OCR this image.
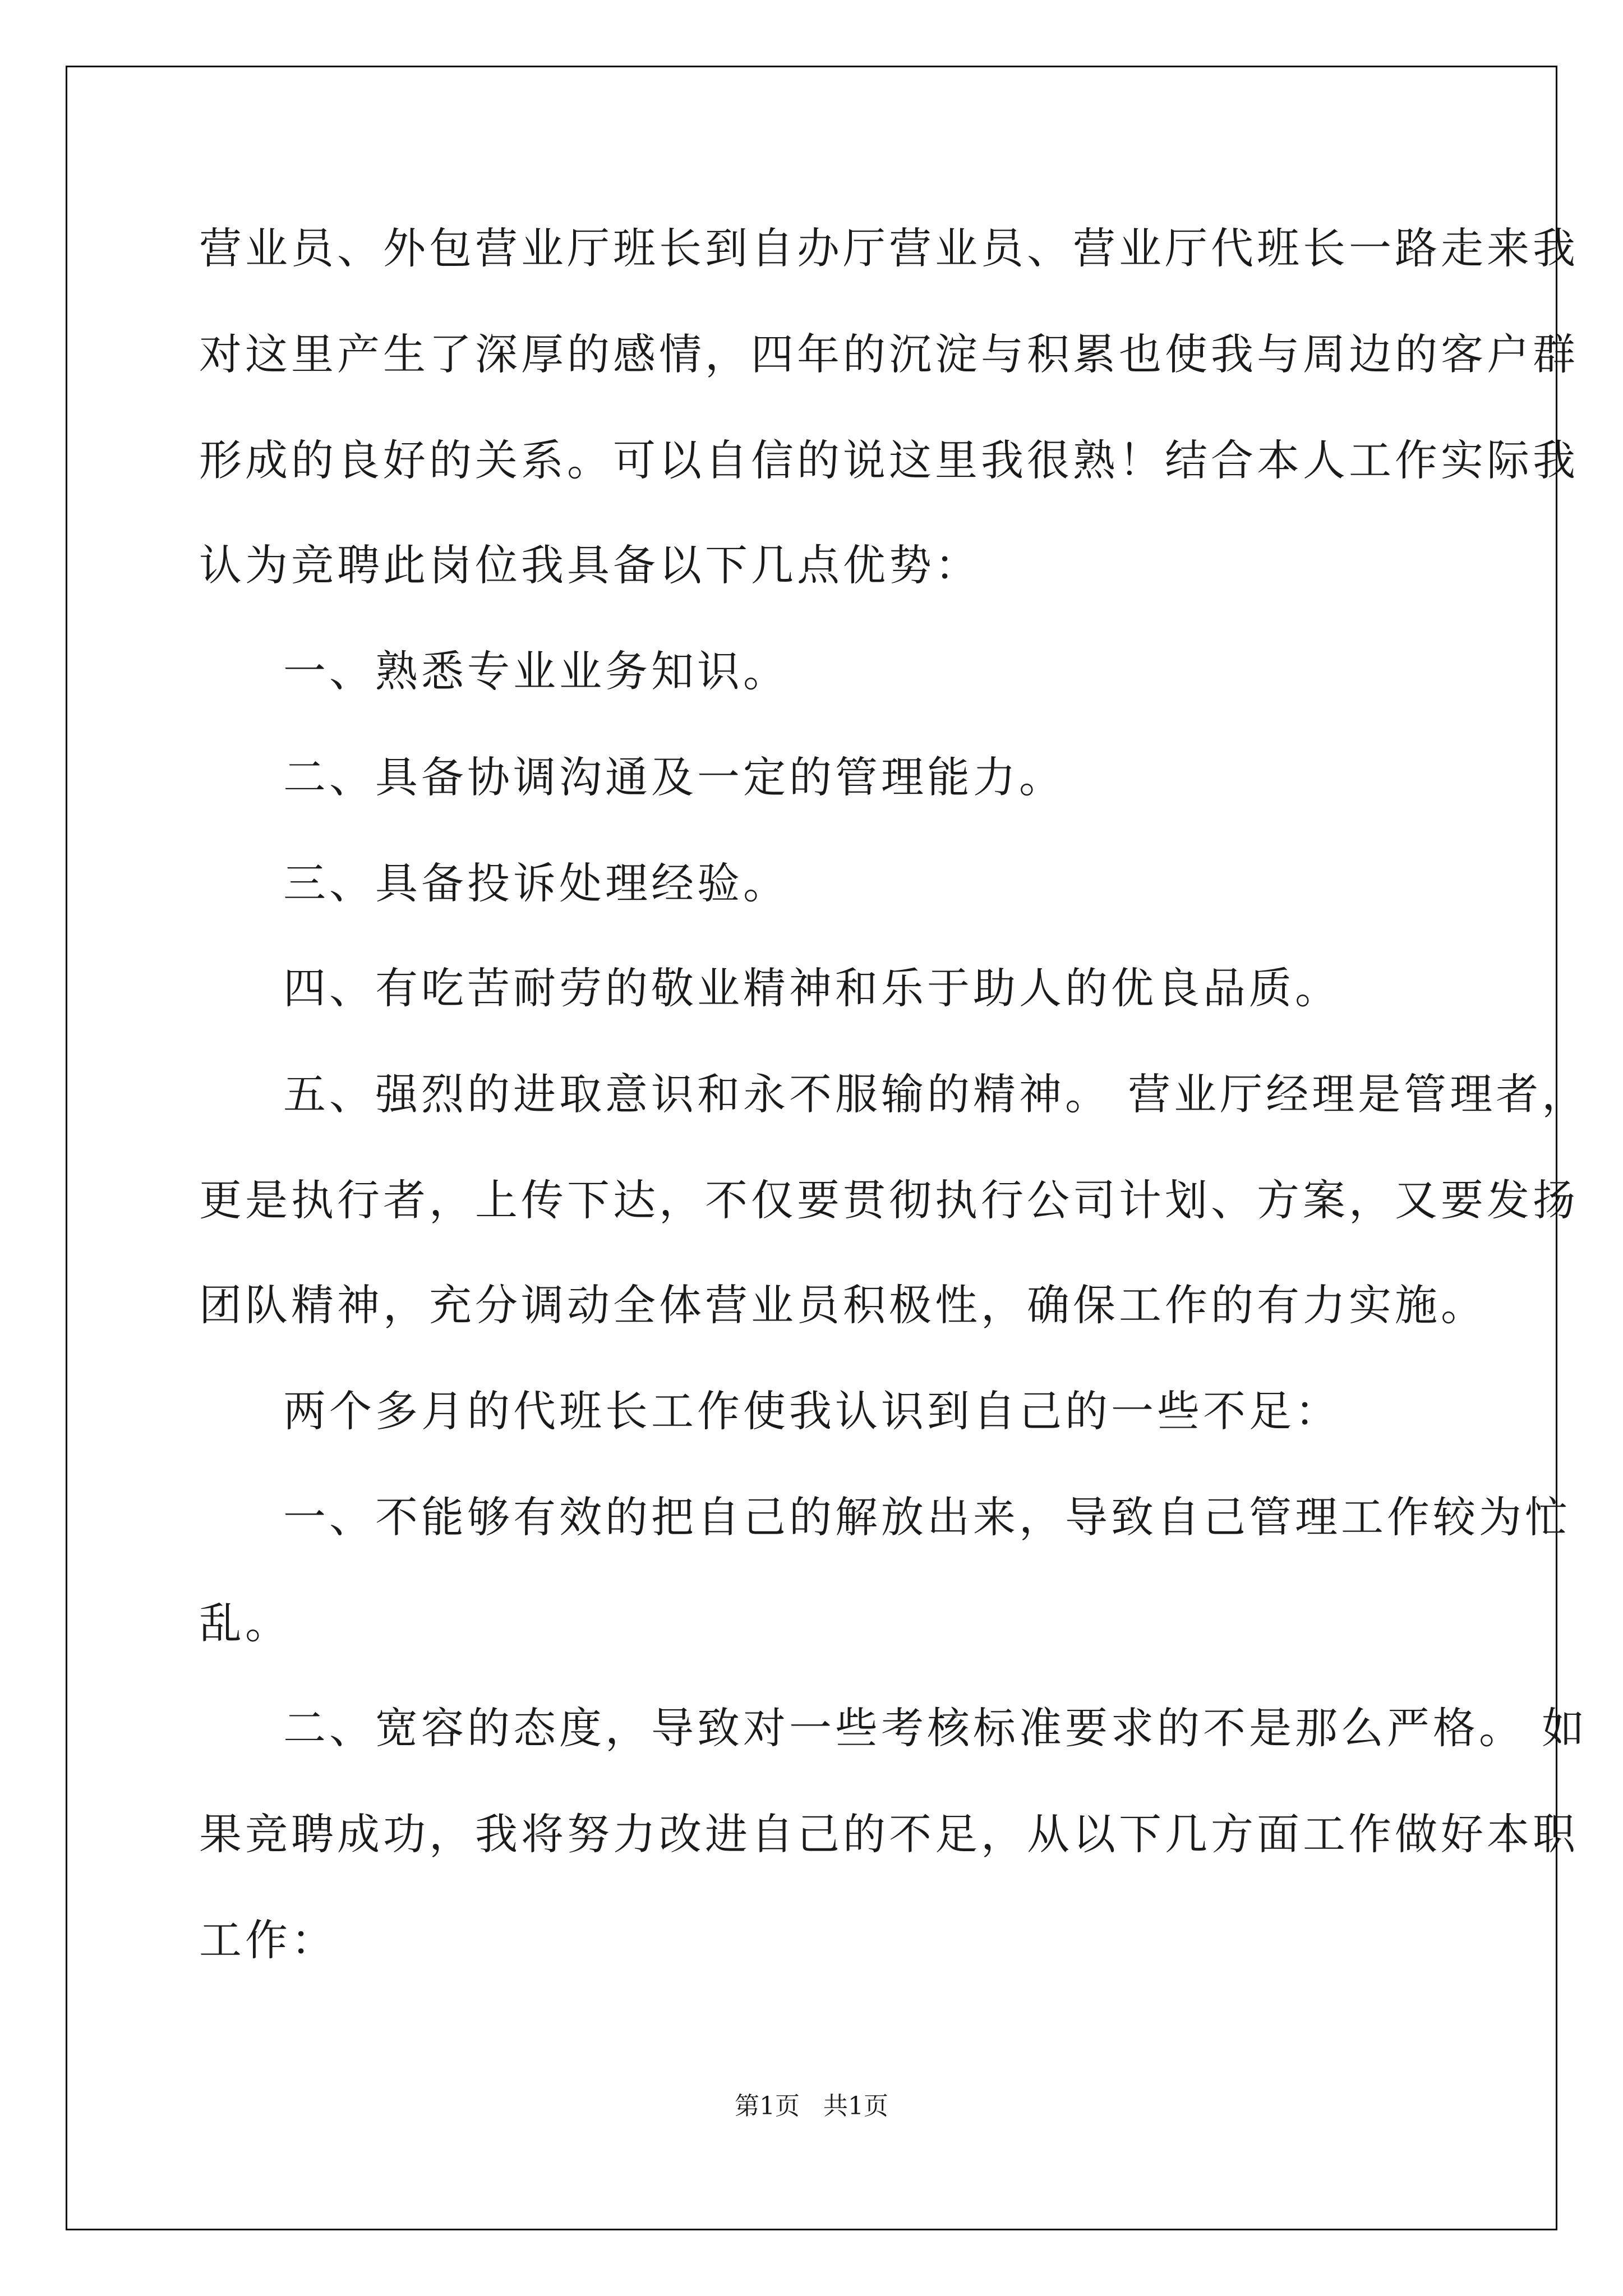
营业员、外包营业厅班长到自办厅营业员、营业厅代班长一路走来我
对这里产生了深厚的感情，四年的沉淀与积累也使我与周边的客户群
形成的良好的关系。可以自信的说这里我很熟！结合本人工作实际我
认为竞聘此岗位我具备以下几点优势：
一、熟悉专业业务知识。
二、具备协调沟通及一定的管理能力。
三、具备投诉处理经验。
四、有吃苦耐劳的敬业精神和乐于助人的优良品质。
五、强烈的进取意识和永不服输的精神。 营业厅经理是管理者，
更是执行者，上传下达，不仅要贯彻执行公司计划、方案，又要发扬
团队精神，充分调动全体营业员积极性，确保工作的有力实施。
两个多月的代班长工作使我认识到自己的一些不足：
一、不能够有效的把自己的解放出来，导致自己管理工作较为忙
乱。
二、宽容的态度，导致对一些考核标准要求的不是那么严格。 如
果竞聘成功，我将努力改进自己的不足，从以下几方面工作做好本职
工作：
第1页   共1页
